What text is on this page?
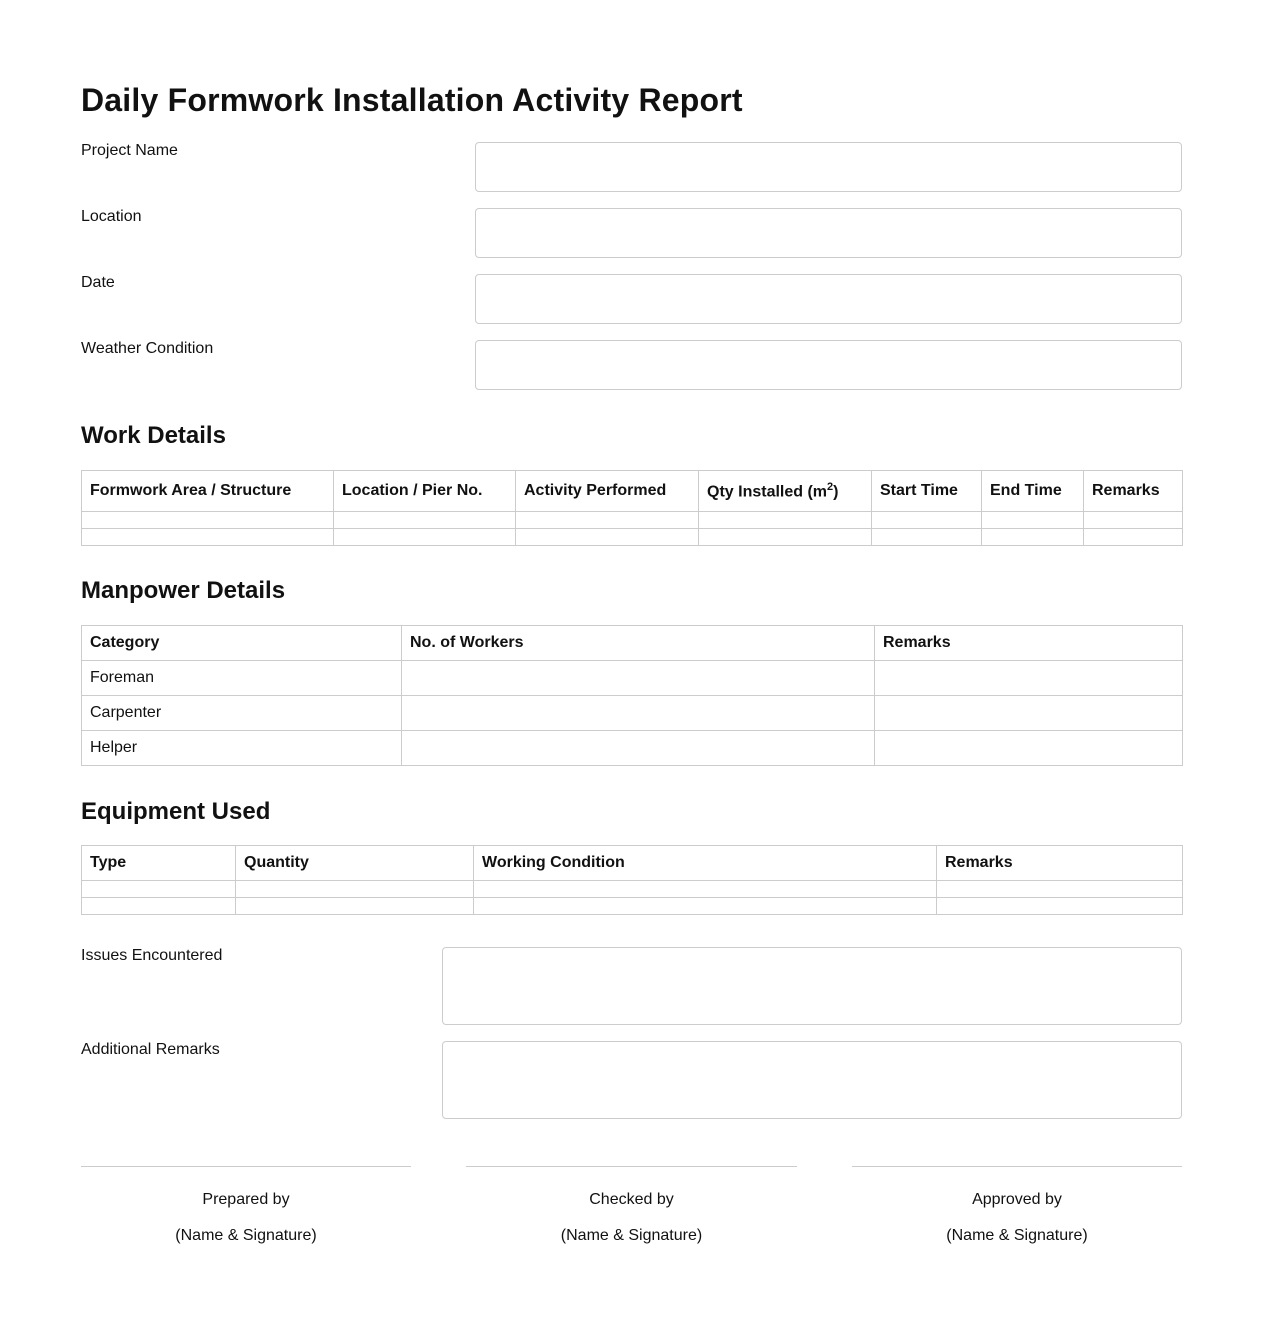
Daily Formwork Installation Activity Report
Project Name
Location
Date
Weather Condition
Work Details
Formwork Area / Structure	Location / Pier No.	Activity Performed	Qty Installed $(m^2)$	Start Time	End Time	Remarks

Manpower Details
Category	No. of Workers	Remarks
Foreman		
Carpenter		
Helper		
Equipment Used
Type	Quantity	Working Condition	Remarks

Issues Encountered
Additional Remarks
Prepared by
(Name & Signature)
Checked by
(Name & Signature)
Approved by
(Name & Signature)
